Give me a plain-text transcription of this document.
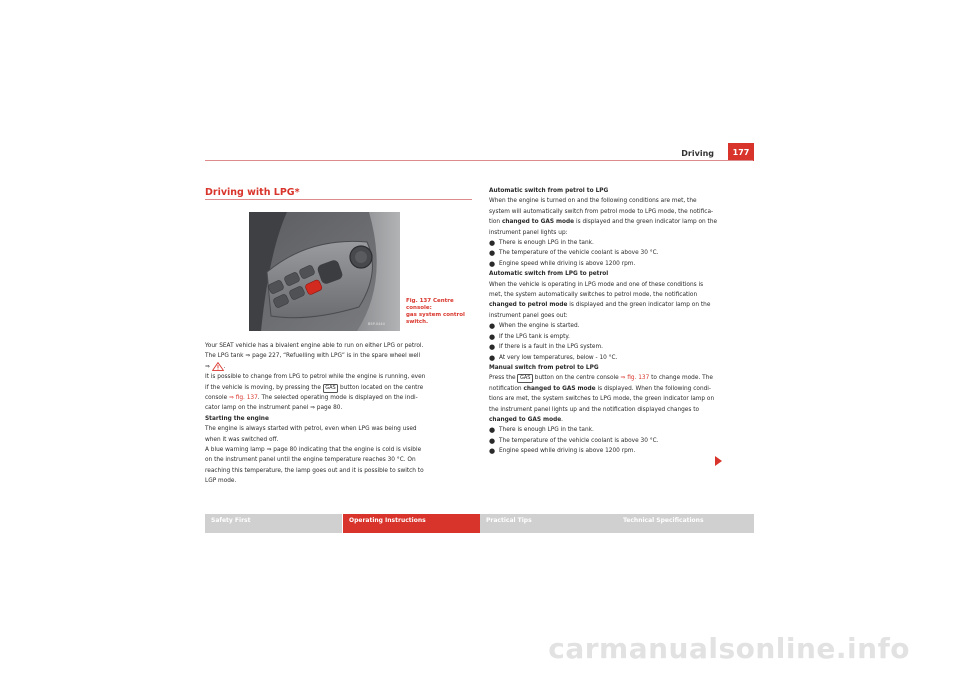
Driving	177
Driving with LPG*
B5P-0444
Fig. 137 Centre console:
gas system control
switch.
Your SEAT vehicle has a bivalent engine able to run on either LPG or petrol.
The LPG tank ⇒ page 227, “Refuelling with LPG” is in the spare wheel well
⇒ .
It is possible to change from LPG to petrol while the engine is running, even
if the vehicle is moving, by pressing the GAS button located on the centre
console ⇒ fig. 137. The selected operating mode is displayed on the indi-
cator lamp on the instrument panel ⇒ page 80.
Starting the engine
The engine is always started with petrol, even when LPG was being used
when it was switched off.
A blue warning lamp ⇒ page 80 indicating that the engine is cold is visible
on the instrument panel until the engine temperature reaches 30 °C. On
reaching this temperature, the lamp goes out and it is possible to switch to
LGP mode.
Automatic switch from petrol to LPG
When the engine is turned on and the following conditions are met, the
system will automatically switch from petrol mode to LPG mode, the notifica-
tion changed to GAS mode is displayed and the green indicator lamp on the
instrument panel lights up:
● There is enough LPG in the tank.
● The temperature of the vehicle coolant is above 30 °C.
● Engine speed while driving is above 1200 rpm.
Automatic switch from LPG to petrol
When the vehicle is operating in LPG mode and one of these conditions is
met, the system automatically switches to petrol mode, the notification
changed to petrol mode is displayed and the green indicator lamp on the
instrument panel goes out:
● When the engine is started.
● If the LPG tank is empty.
● If there is a fault in the LPG system.
● At very low temperatures, below - 10 °C.
Manual switch from petrol to LPG
Press the GAS button on the centre console ⇒ fig. 137 to change mode. The
notification changed to GAS mode is displayed. When the following condi-
tions are met, the system switches to LPG mode, the green indicator lamp on
the instrument panel lights up and the notification displayed changes to
changed to GAS mode.
● There is enough LPG in the tank.
● The temperature of the vehicle coolant is above 30 °C.
● Engine speed while driving is above 1200 rpm.
Safety First	Operating Instructions	Practical Tips	Technical Specifications
carmanualsonline.info
